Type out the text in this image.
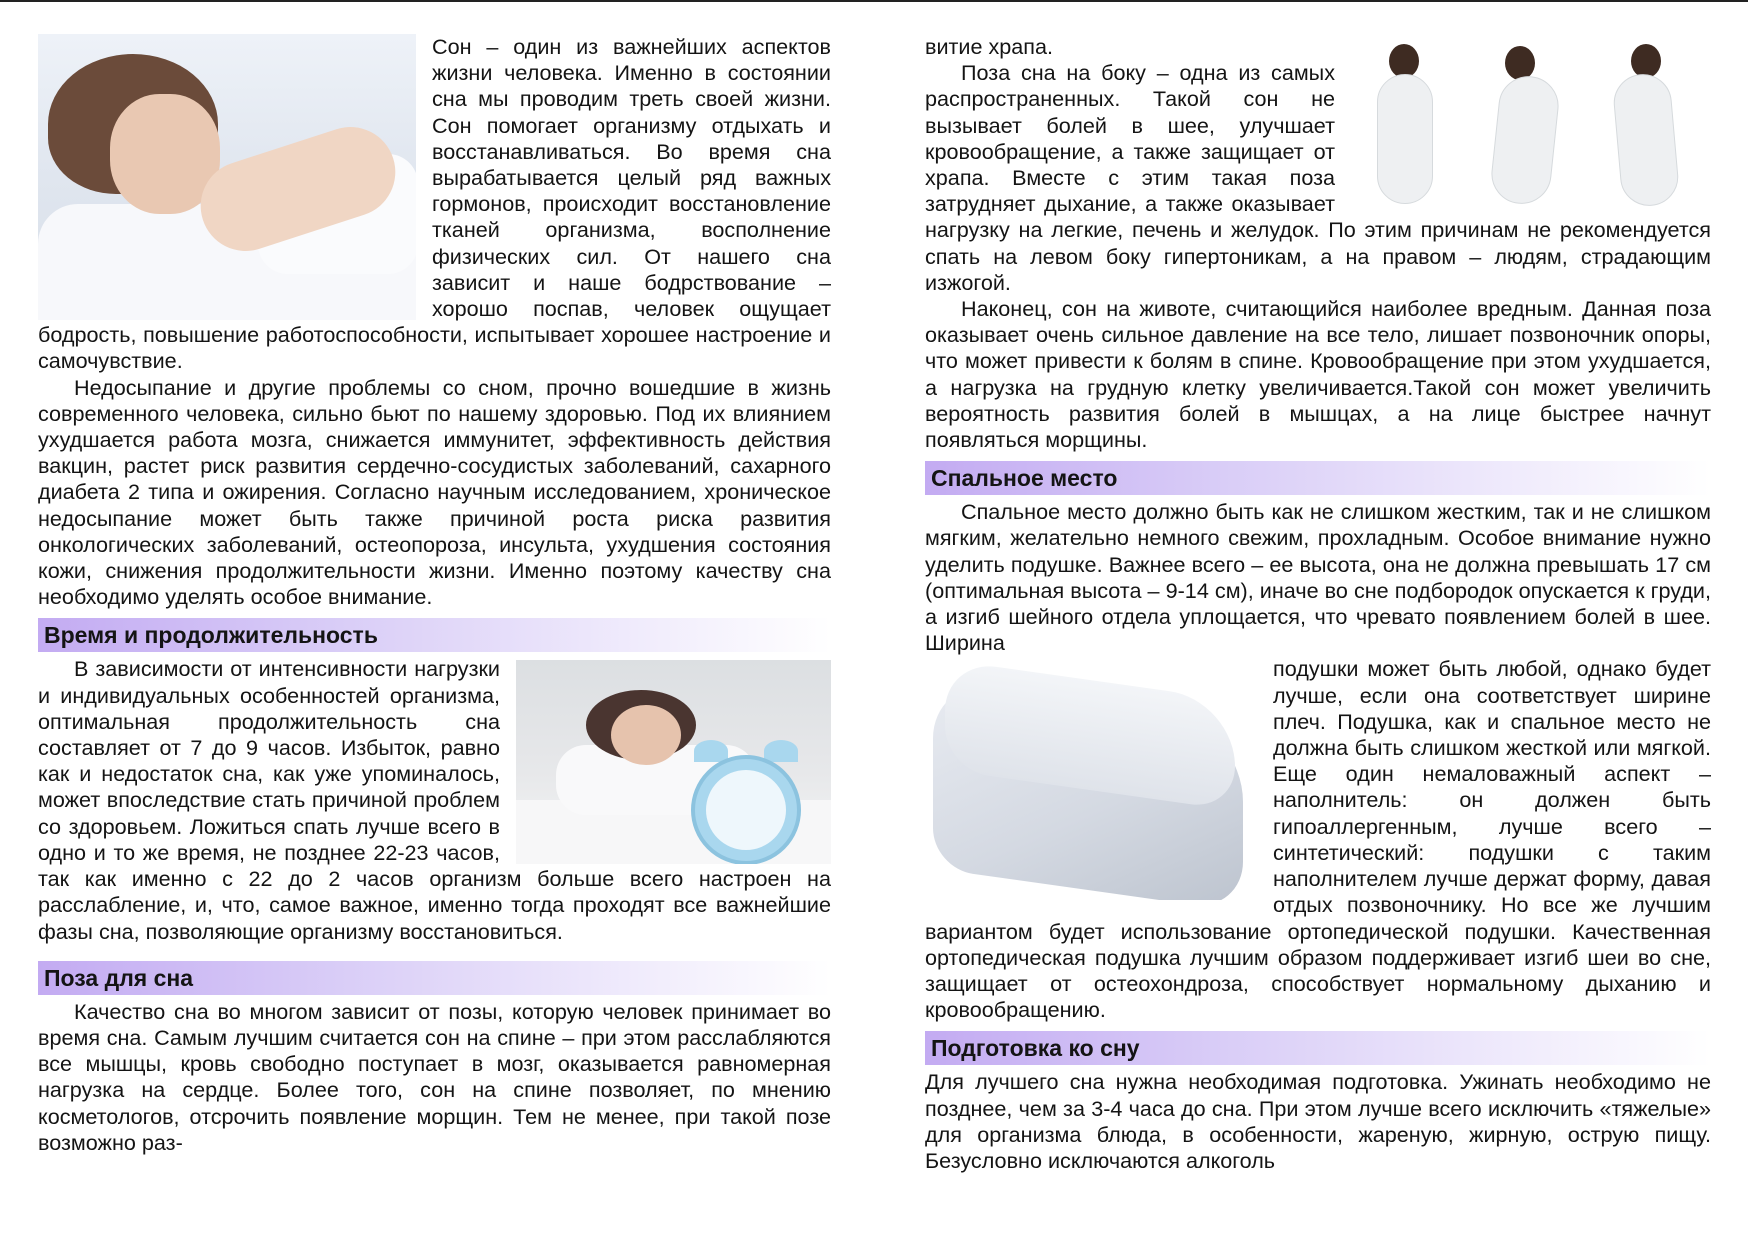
Сон – один из важнейших аспектов жизни человека. Именно в состоянии сна мы проводим треть своей жизни. Сон помогает организму отдыхать и восстанавливаться. Во время сна вырабатывается целый ряд важных гормонов, происходит восстановление тканей организма, восполнение физических сил. От нашего сна зависит и наше бодрствование – хорошо поспав, человек ощущает бодрость, повышение работоспособности, испытывает хорошее настроение и самочувствие.

Недосыпание и другие проблемы со сном, прочно вошедшие в жизнь современного человека, сильно бьют по нашему здоровью. Под их влиянием ухудшается работа мозга, снижается иммунитет, эффективность действия вакцин, растет риск развития сердечно-сосудистых заболеваний, сахарного диабета 2 типа и ожирения. Согласно научным исследованием, хроническое недосыпание может быть также причиной роста риска развития онкологических заболеваний, остеопороза, инсульта, ухудшения состояния кожи, снижения продолжительности жизни. Именно поэтому качеству сна необходимо уделять особое внимание.

Время и продолжительность

В зависимости от интенсивности нагрузки и индивидуальных особенностей организма, оптимальная продолжительность сна составляет от 7 до 9 часов. Избыток, равно как и недостаток сна, как уже упоминалось, может впоследствие стать причиной проблем со здоровьем. Ложиться спать лучше всего в одно и то же время, не позднее 22-23 часов, так как именно с 22 до 2 часов организм больше всего настроен на расслабление, и, что, самое важное, именно тогда проходят все важнейшие фазы сна, позволяющие организму восстановиться.

Поза для сна

Качество сна во многом зависит от позы, которую человек принимает во время сна. Самым лучшим считается сон на спине – при этом расслабляются все мышцы, кровь свободно поступает в мозг, оказывается равномерная нагрузка на сердце. Более того, сон на спине позволяет, по мнению косметологов, отсрочить появление морщин. Тем не менее, при такой позе возможно раз-

витие храпа.

Поза сна на боку – одна из самых распространенных. Такой сон не вызывает болей в шее, улучшает кровообращение, а также защищает от храпа. Вместе с этим такая поза затрудняет дыхание, а также оказывает нагрузку на легкие, печень и желудок. По этим причинам не рекомендуется спать на левом боку гипертоникам, а на правом – людям, страдающим изжогой.

Наконец, сон на животе, считающийся наиболее вредным. Данная поза оказывает очень сильное давление на все тело, лишает позвоночник опоры, что может привести к болям в спине. Кровообращение при этом ухудшается, а нагрузка на грудную клетку увеличивается.Такой сон может увеличить вероятность развития болей в мышцах, а на лице быстрее начнут появляться морщины.

Спальное место

Спальное место должно быть как не слишком жестким, так и не слишком мягким, желательно немного свежим, прохладным. Особое внимание нужно уделить подушке. Важнее всего – ее высота, она не должна превышать 17 см (оптимальная высота – 9-14 см), иначе во сне подбородок опускается к груди, а изгиб шейного отдела уплощается, что чревато появлением болей в шее. Ширина

подушки может быть любой, однако будет лучше, если она соответствует ширине плеч. Подушка, как и спальное место не должна быть слишком жесткой или мягкой. Еще один немаловажный аспект – наполнитель: он должен быть гипоаллергенным, лучше всего – синтетический: подушки с таким наполнителем лучше держат форму, давая отдых позвоночнику. Но все же лучшим вариантом будет использование ортопедической подушки. Качественная ортопедическая подушка лучшим образом поддерживает изгиб шеи во сне, защищает от остеохондроза, способствует нормальному дыханию и кровообращению.

Подготовка ко сну

Для лучшего сна нужна необходимая подготовка. Ужинать необходимо не позднее, чем за 3-4 часа до сна. При этом лучше всего исключить «тяжелые» для организма блюда, в особенности, жареную, жирную, острую пищу. Безусловно исключаются алкоголь
